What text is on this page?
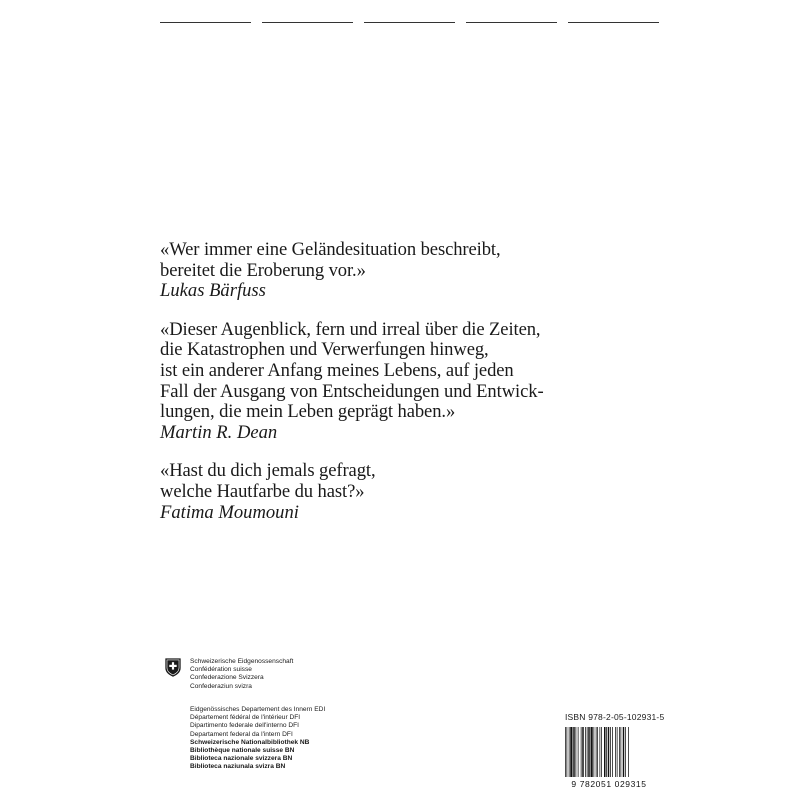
«Wer immer eine Geländesituation beschreibt,
bereitet die Eroberung vor.»

Lukas Bärfuss

«Dieser Augenblick, fern und irreal über die Zeiten,
die Katastrophen und Verwerfungen hinweg,
ist ein anderer Anfang meines Lebens, auf jeden
Fall der Ausgang von Entscheidungen und Entwick-
lungen, die mein Leben geprägt haben.»

Martin R. Dean

«Hast du dich jemals gefragt,
welche Hautfarbe du hast?»

Fatima Moumouni

Schweizerische Eidgenossenschaft
Confédération suisse
Confederazione Svizzera
Confederaziun svizra
Eidgenössisches Departement des Innern EDI
Département fédéral de l'intérieur DFI
Dipartimento federale dell'interno DFI
Departament federal da l'intern DFI
Schweizerische Nationalbibliothek NB
Bibliothèque nationale suisse BN
Biblioteca nazionale svizzera BN
Biblioteca naziunala svizra BN
ISBN 978-2-05-102931-5
9 782051 029315
